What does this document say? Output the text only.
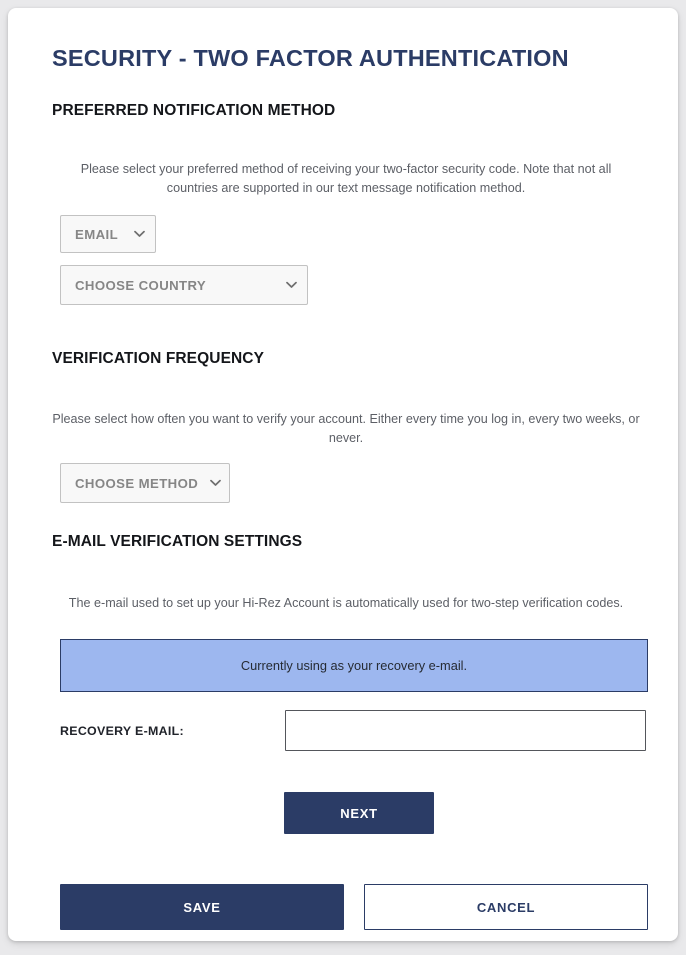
SECURITY - TWO FACTOR AUTHENTICATION
PREFERRED NOTIFICATION METHOD
Please select your preferred method of receiving your two-factor security code. Note that not all countries are supported in our text message notification method.
EMAIL
CHOOSE COUNTRY
VERIFICATION FREQUENCY
Please select how often you want to verify your account. Either every time you log in, every two weeks, or never.
CHOOSE METHOD
E-MAIL VERIFICATION SETTINGS
The e-mail used to set up your Hi-Rez Account is automatically used for two-step verification codes.
Currently using as your recovery e-mail.
RECOVERY E-MAIL:
NEXT
SAVE	CANCEL
